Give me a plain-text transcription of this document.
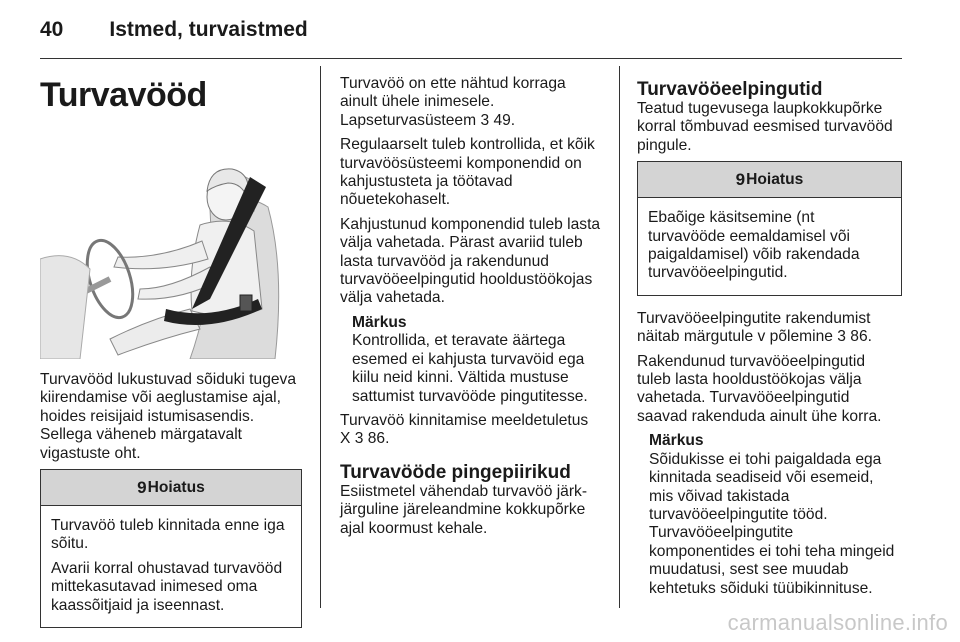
40 Istmed, turvaistmed
Turvavööd

Turvavööd lukustuvad sõiduki tugeva kiirendamise või aeglustamise ajal, hoides reisijaid istumisasendis. Sellega väheneb märgatavalt vigastuste oht.

9 Hoiatus

Turvavöö tuleb kinnitada enne iga sõitu.

Avarii korral ohustavad turvavööd mittekasutavad inimesed oma kaassõitjaid ja iseennast.

Turvavöö on ette nähtud korraga ainult ühele inimesele.

Lapseturvasüsteem 3 49.

Regulaarselt tuleb kontrollida, et kõik turvavöösüsteemi komponendid on kahjustusteta ja töötavad nõuetekohaselt.

Kahjustunud komponendid tuleb lasta välja vahetada. Pärast avariid tuleb lasta turvavööd ja rakendunud turvavööeelpingutid hooldustöökojas välja vahetada.

Märkus

Kontrollida, et teravate äärtega esemed ei kahjusta turvavöid ega kiilu neid kinni. Vältida mustuse sattumist turvavööde pingutitesse.

Turvavöö kinnitamise meeldetuletus
X 3 86.

Turvavööde pingepiirikud

Esiistmetel vähendab turvavöö järk-järguline järeleandmine kokkupõrke ajal koormust kehale.

Turvavööeelpingutid

Teatud tugevusega laupkokkupõrke korral tõmbuvad eesmised turvavööd pingule.

9 Hoiatus

Ebaõige käsitsemine (nt turvavööde eemaldamisel või paigaldamisel) võib rakendada turvavööeelpingutid.

Turvavööeelpingutite rakendumist näitab märgutule v põlemine 3 86.

Rakendunud turvavööeelpingutid tuleb lasta hooldustöökojas välja vahetada. Turvavööeelpingutid saavad rakenduda ainult ühe korra.

Märkus

Sõidukisse ei tohi paigaldada ega kinnitada seadiseid või esemeid, mis võivad takistada turvavööeelpingutite tööd. Turvavööeelpingutite komponentides ei tohi teha mingeid muudatusi, sest see muudab kehtetuks sõiduki tüübikinnituse.

carmanualsonline.info
